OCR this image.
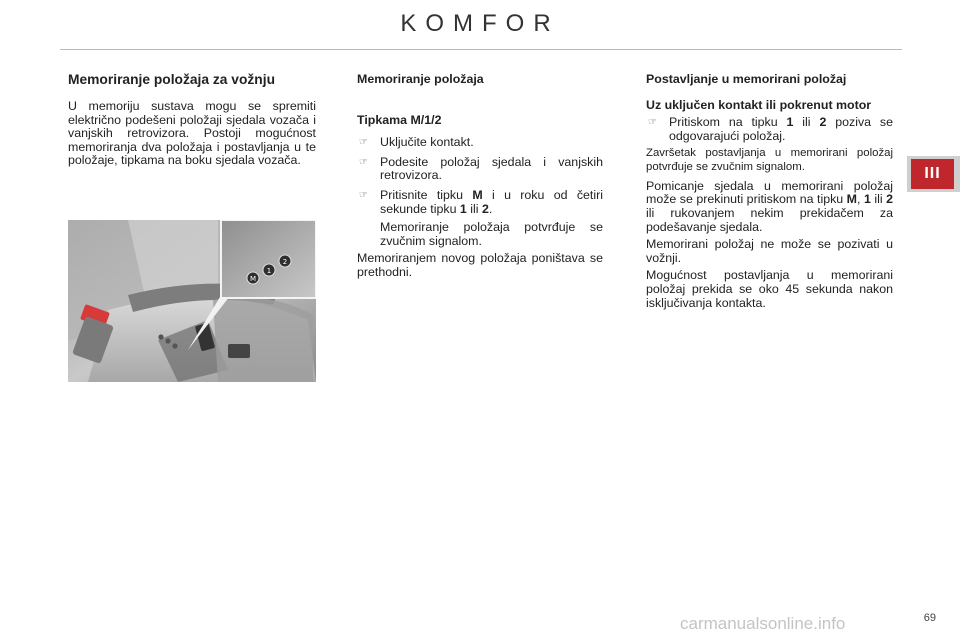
KOMFOR
III
Memoriranje položaja za vožnju

U memoriju sustava mogu se spremiti električno podešeni položaji sjedala vozača i vanjskih retrovizora. Postoji mogućnost memoriranja dva položaja i postavljanja u te položaje, tipkama na boku sjedala vozača.

M
1
2
Memoriranje položaja
Tipkama M/1/2
☞ Uključite kontakt.
☞ Podesite položaj sjedala i vanjskih retrovizora.
☞ Pritisnite tipku M i u roku od četiri sekunde tipku 1 ili 2.
Memoriranje položaja potvrđuje se zvučnim signalom.

Memoriranjem novog položaja poništava se prethodni.

Postavljanje u memorirani položaj
Uz uključen kontakt ili pokrenut motor
☞ Pritiskom na tipku 1 ili 2 poziva se odgovarajući položaj.
Završetak postavljanja u memorirani položaj potvrđuje se zvučnim signalom.

Pomicanje sjedala u memorirani položaj može se prekinuti pritiskom na tipku M, 1 ili 2 ili rukovanjem nekim prekidačem za podešavanje sjedala.

Memorirani položaj ne može se pozivati u vožnji.

Mogućnost postavljanja u memorirani položaj prekida se oko 45 sekunda nakon isključivanja kontakta.

carmanualsonline.info	69
